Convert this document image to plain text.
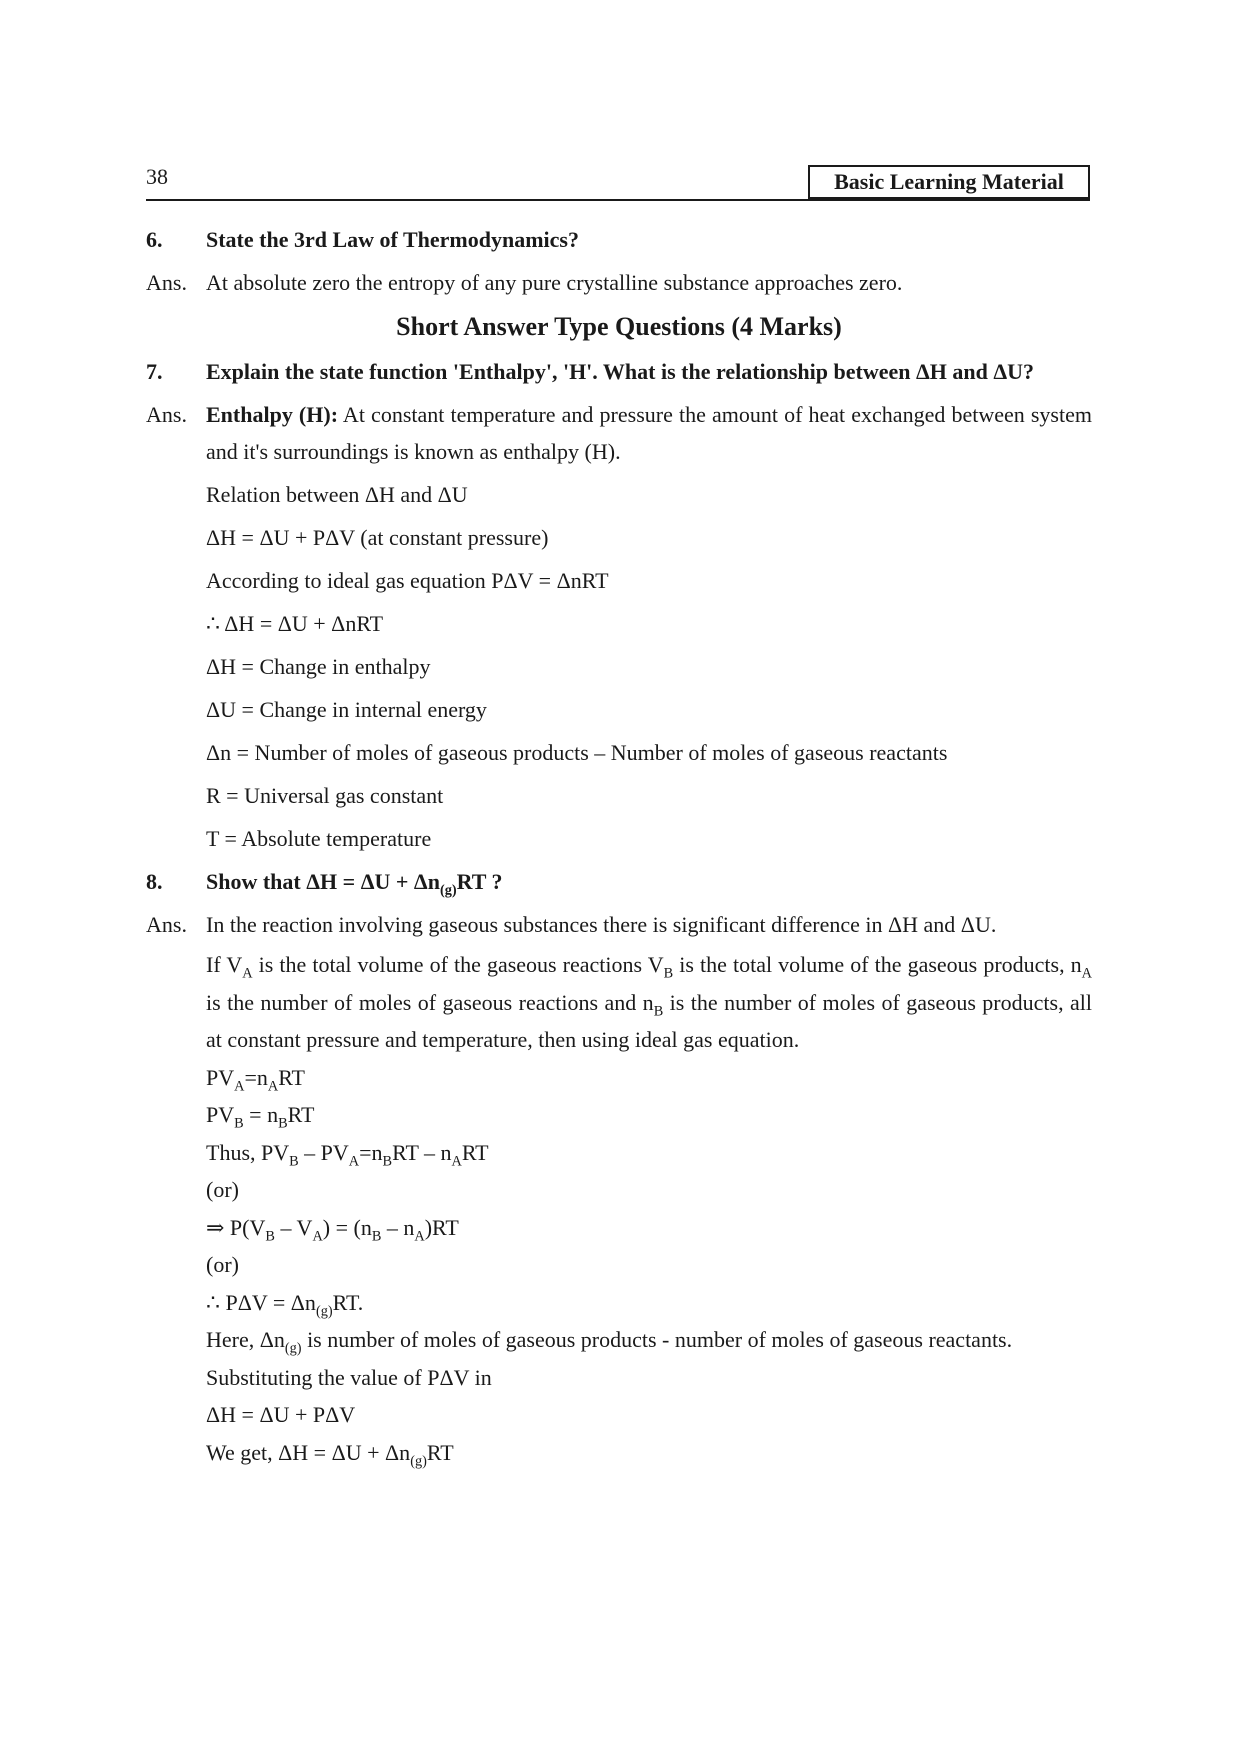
38	Basic Learning Material
6.	State the 3rd Law of Thermodynamics?
Ans. At absolute zero the entropy of any pure crystalline substance approaches zero.
Short Answer Type Questions (4 Marks)
7.	Explain the state function 'Enthalpy', 'H'. What is the relationship between ΔH and ΔU?
Ans. Enthalpy (H): At constant temperature and pressure the amount of heat exchanged between system and it's surroundings is known as enthalpy (H).
Relation between ΔH and ΔU
ΔH = ΔU + PΔV (at constant pressure)
According to ideal gas equation PΔV = ΔnRT
∴ ΔH = ΔU + ΔnRT
ΔH = Change in enthalpy
ΔU = Change in internal energy
Δn = Number of moles of gaseous products – Number of moles of gaseous reactants
R = Universal gas constant
T = Absolute temperature
8.	Show that $\Delta H = \Delta U + \Delta n_{(g)}RT$ ?
Ans. In the reaction involving gaseous substances there is significant difference in ΔH and ΔU.
If $V_A$ is the total volume of the gaseous reactions $V_B$ is the total volume of the gaseous products, $n_A$ is the number of moles of gaseous reactions and $n_B$ is the number of moles of gaseous products, all at constant pressure and temperature, then using ideal gas equation.
$PV_A=n_ART$
$PV_B = n_BRT$
Thus, $PV_B - PV_A=n_BRT - n_ART$
(or)
⇒ $P(V_B - V_A) = (n_B - n_A)RT$
(or)
∴ $P\Delta V = \Delta n_{(g)}RT$.
Here, $\Delta n_{(g)}$ is number of moles of gaseous products - number of moles of gaseous reactants.
Substituting the value of PΔV in
ΔH = ΔU + PΔV
We get, $\Delta H = \Delta U + \Delta n_{(g)}RT$
